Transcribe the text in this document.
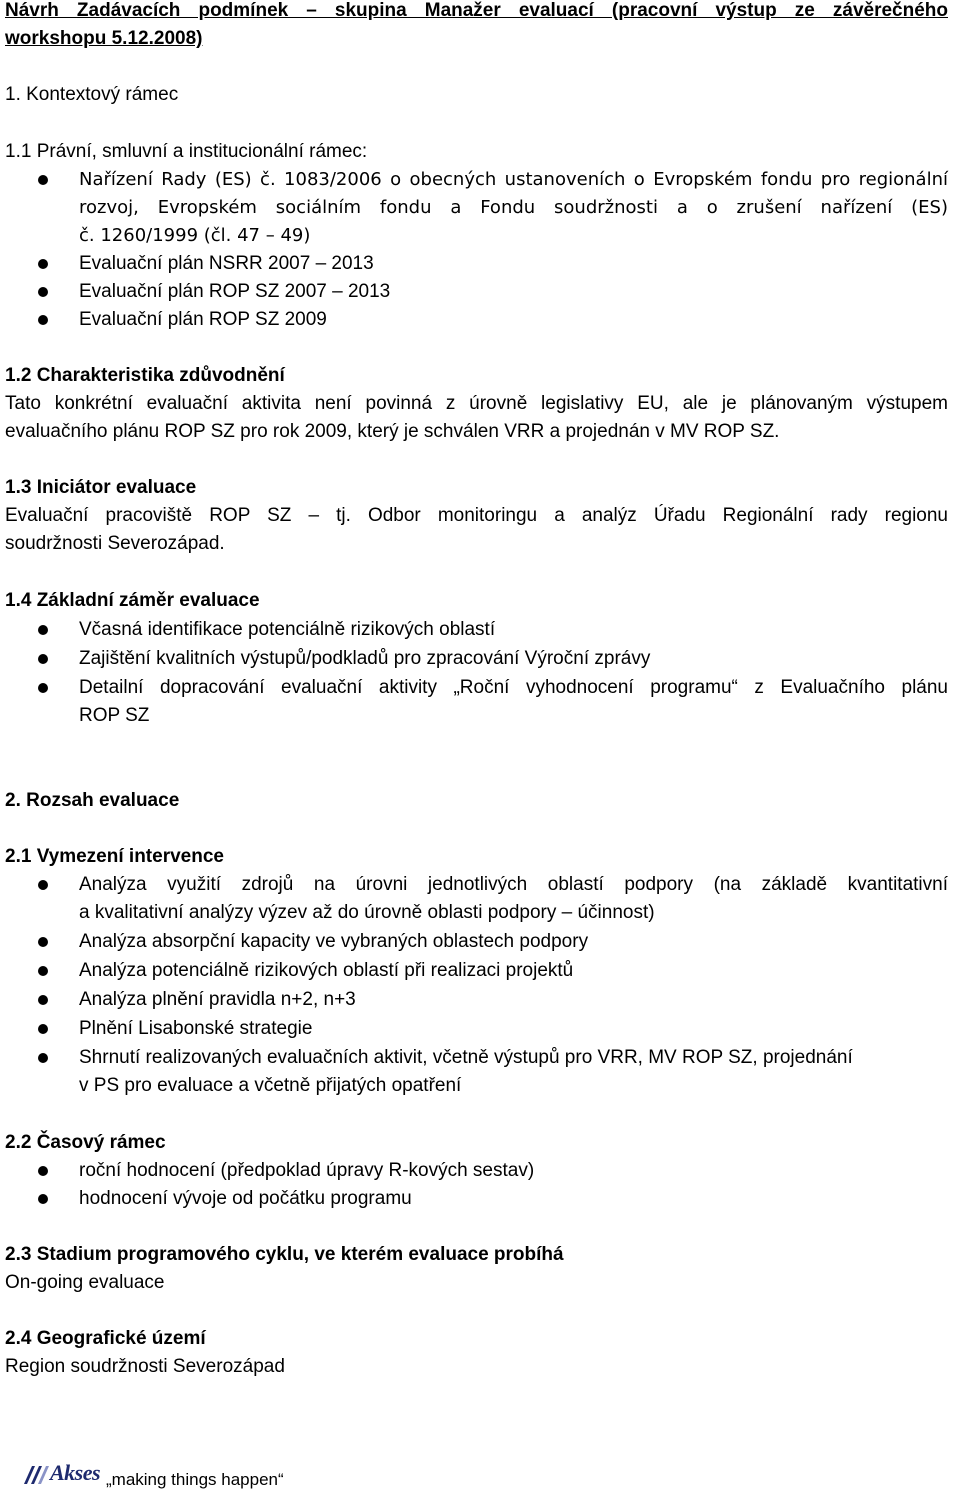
Návrh Zadávacích podmínek – skupina Manažer evaluací (pracovní výstup ze závěrečného

workshopu 5.12.2008)

1. Kontextový rámec

1.1 Právní, smluvní a institucionální rámec:

Nařízení Rady (ES) č. 1083/2006 o obecných ustanoveních o Evropském fondu pro regionální

rozvoj, Evropském sociálním fondu a Fondu soudržnosti a o zrušení nařízení (ES)

č. 1260/1999 (čl. 47 – 49)

Evaluační plán NSRR 2007 – 2013

Evaluační plán ROP SZ 2007 – 2013

Evaluační plán ROP SZ 2009

1.2 Charakteristika zdůvodnění

Tato konkrétní evaluační aktivita není povinná z úrovně legislativy EU, ale je plánovaným výstupem

evaluačního plánu ROP SZ pro rok 2009, který je schválen VRR a projednán v MV ROP SZ.

1.3 Iniciátor evaluace

Evaluační pracoviště ROP SZ – tj. Odbor monitoringu a analýz Úřadu Regionální rady regionu

soudržnosti Severozápad.

1.4 Základní záměr evaluace

Včasná identifikace potenciálně rizikových oblastí

Zajištění kvalitních výstupů/podkladů pro zpracování Výroční zprávy

Detailní dopracování evaluační aktivity „Roční vyhodnocení programu“ z Evaluačního plánu

ROP SZ

2. Rozsah evaluace

2.1 Vymezení intervence

Analýza využití zdrojů na úrovni jednotlivých oblastí podpory (na základě kvantitativní

a kvalitativní analýzy výzev až do úrovně oblasti podpory – účinnost)

Analýza absorpční kapacity ve vybraných oblastech podpory

Analýza potenciálně rizikových oblastí při realizaci projektů

Analýza plnění pravidla n+2, n+3

Plnění Lisabonské strategie

Shrnutí realizovaných evaluačních aktivit, včetně výstupů pro VRR, MV ROP SZ, projednání

v PS pro evaluace a včetně přijatých opatření

2.2 Časový rámec

roční hodnocení (předpoklad úpravy R-kových sestav)

hodnocení vývoje od počátku programu

2.3 Stadium programového cyklu, ve kterém evaluace probíhá

On-going evaluace

2.4 Geografické území

Region soudržnosti Severozápad

Akses „making things happen“
